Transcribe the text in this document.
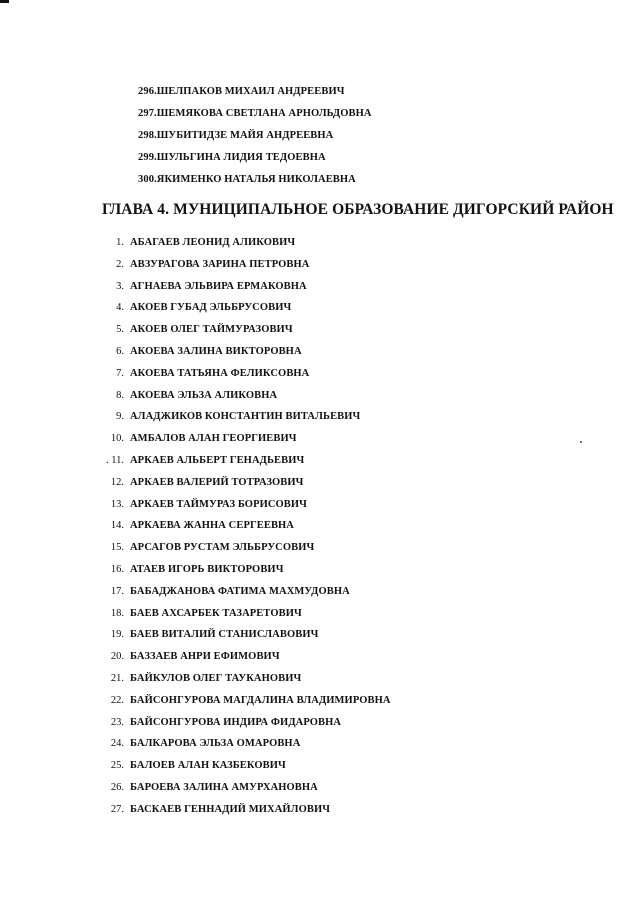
296.ШЕЛПАКОВ МИХАИЛ АНДРЕЕВИЧ
297.ШЕМЯКОВА СВЕТЛАНА АРНОЛЬДОВНА
298.ШУБИТИДЗЕ МАЙЯ АНДРЕЕВНА
299.ШУЛЬГИНА ЛИДИЯ ТЕДОЕВНА
300.ЯКИМЕНКО НАТАЛЬЯ НИКОЛАЕВНА
ГЛАВА 4. МУНИЦИПАЛЬНОЕ ОБРАЗОВАНИЕ ДИГОРСКИЙ РАЙОН
1. АБАГАЕВ ЛЕОНИД АЛИКОВИЧ
2. АВЗУРАГОВА ЗАРИНА ПЕТРОВНА
3. АГНАЕВА ЭЛЬВИРА ЕРМАКОВНА
4. АКОЕВ ГУБАД ЭЛЬБРУСОВИЧ
5. АКОЕВ ОЛЕГ ТАЙМУРАЗОВИЧ
6. АКОЕВА ЗАЛИНА ВИКТОРОВНА
7. АКОЕВА ТАТЬЯНА ФЕЛИКСОВНА
8. АКОЕВА ЭЛЬЗА АЛИКОВНА
9. АЛАДЖИКОВ КОНСТАНТИН ВИТАЛЬЕВИЧ
10. АМБАЛОВ АЛАН ГЕОРГИЕВИЧ
. 11. АРКАЕВ АЛЬБЕРТ ГЕНАДЬЕВИЧ
12. АРКАЕВ ВАЛЕРИЙ ТОТРАЗОВИЧ
13. АРКАЕВ ТАЙМУРАЗ БОРИСОВИЧ
14. АРКАЕВА ЖАННА СЕРГЕЕВНА
15. АРСАГОВ РУСТАМ ЭЛЬБРУСОВИЧ
16. АТАЕВ ИГОРЬ ВИКТОРОВИЧ
17. БАБАДЖАНОВА ФАТИМА МАХМУДОВНА
18. БАЕВ АХСАРБЕК ТАЗАРЕТОВИЧ
19. БАЕВ ВИТАЛИЙ СТАНИСЛАВОВИЧ
20. БАЗЗАЕВ АНРИ ЕФИМОВИЧ
21. БАЙКУЛОВ ОЛЕГ ТАУКАНОВИЧ
22. БАЙСОНГУРОВА МАГДАЛИНА ВЛАДИМИРОВНА
23. БАЙСОНГУРОВА ИНДИРА ФИДАРОВНА
24. БАЛКАРОВА ЭЛЬЗА ОМАРОВНА
25. БАЛОЕВ АЛАН КАЗБЕКОВИЧ
26. БАРОЕВА ЗАЛИНА АМУРХАНОВНА
27. БАСКАЕВ ГЕННАДИЙ МИХАЙЛОВИЧ
